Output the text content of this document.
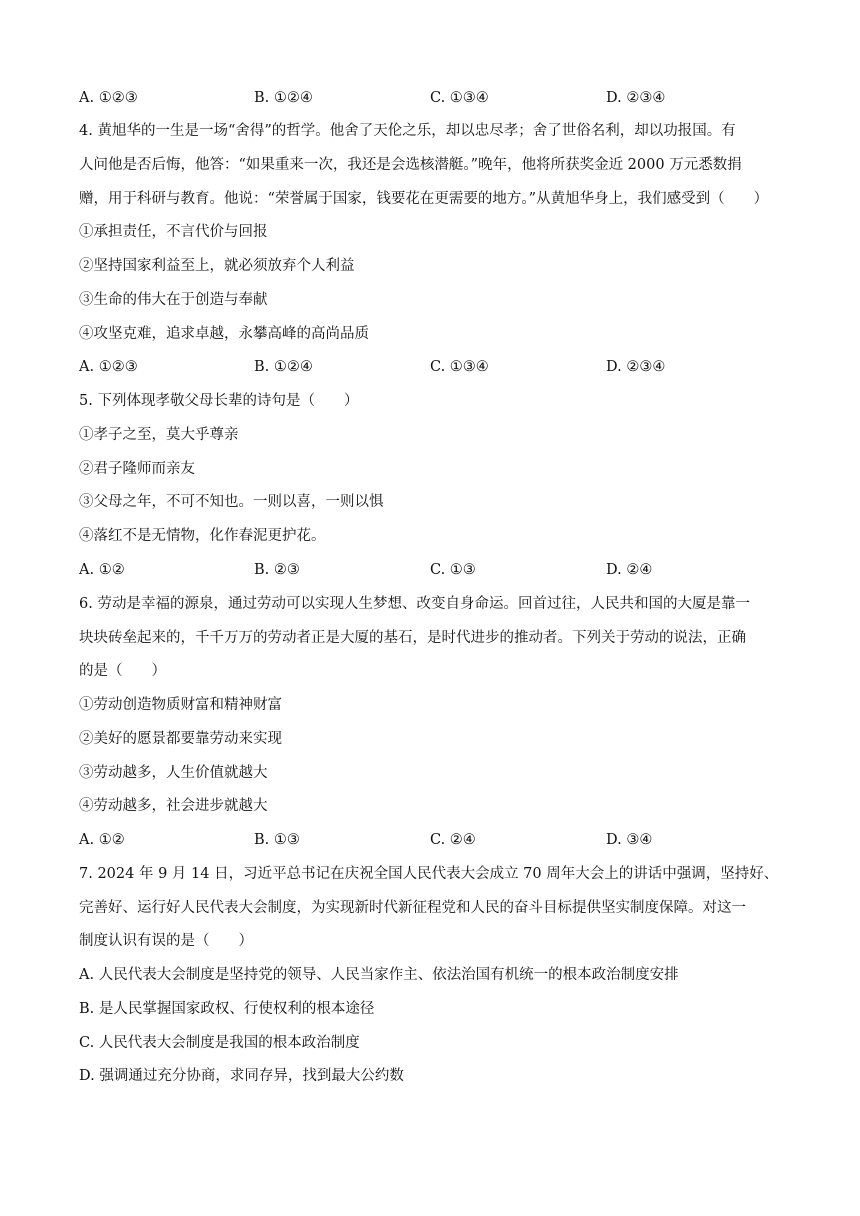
A. ①②③	B. ①②④	C. ①③④	D. ②③④
4. 黄旭华的一生是一场“舍得”的哲学。他舍了天伦之乐，却以忠尽孝；舍了世俗名利，却以功报国。有
人问他是否后悔，他答：“如果重来一次，我还是会选核潜艇。”晚年，他将所获奖金近 2000 万元悉数捐
赠，用于科研与教育。他说：“荣誉属于国家，钱要花在更需要的地方。”从黄旭华身上，我们感受到（　　）
①承担责任，不言代价与回报
②坚持国家利益至上，就必须放弃个人利益
③生命的伟大在于创造与奉献
④攻坚克难，追求卓越，永攀高峰的高尚品质
A. ①②③	B. ①②④	C. ①③④	D. ②③④
5. 下列体现孝敬父母长辈的诗句是（　　）
①孝子之至，莫大乎尊亲
②君子隆师而亲友
③父母之年，不可不知也。一则以喜，一则以惧
④落红不是无情物，化作春泥更护花。
A. ①②	B. ②③	C. ①③	D. ②④
6. 劳动是幸福的源泉，通过劳动可以实现人生梦想、改变自身命运。回首过往，人民共和国的大厦是靠一
块块砖垒起来的，千千万万的劳动者正是大厦的基石，是时代进步的推动者。下列关于劳动的说法，正确
的是（　　）
①劳动创造物质财富和精神财富
②美好的愿景都要靠劳动来实现
③劳动越多，人生价值就越大
④劳动越多，社会进步就越大
A. ①②	B. ①③	C. ②④	D. ③④
7. 2024 年 9 月 14 日，习近平总书记在庆祝全国人民代表大会成立 70 周年大会上的讲话中强调，坚持好、
完善好、运行好人民代表大会制度，为实现新时代新征程党和人民的奋斗目标提供坚实制度保障。对这一
制度认识有误的是（　　）
A. 人民代表大会制度是坚持党的领导、人民当家作主、依法治国有机统一的根本政治制度安排
B. 是人民掌握国家政权、行使权利的根本途径
C. 人民代表大会制度是我国的根本政治制度
D. 强调通过充分协商，求同存异，找到最大公约数
